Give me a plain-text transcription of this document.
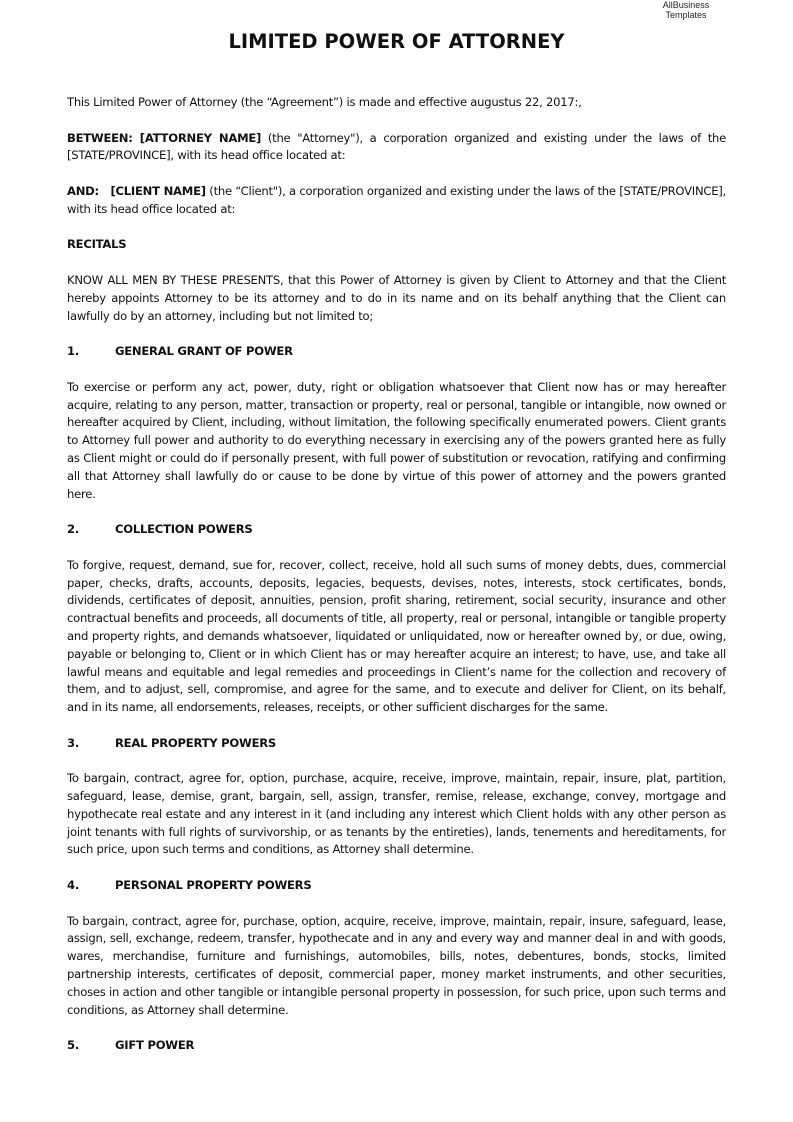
AllBusiness
Templates
LIMITED POWER OF ATTORNEY

This Limited Power of Attorney (the “Agreement”) is made and effective augustus 22, 2017:,

BETWEEN: [ATTORNEY NAME] (the "Attorney"), a corporation organized and existing under the laws of the [STATE/PROVINCE], with its head office located at:

AND:   [CLIENT NAME] (the “Client"), a corporation organized and existing under the laws of the [STATE/PROVINCE], with its head office located at:

RECITALS

KNOW ALL MEN BY THESE PRESENTS, that this Power of Attorney is given by Client to Attorney and that the Client hereby appoints Attorney to be its attorney and to do in its name and on its behalf anything that the Client can lawfully do by an attorney, including but not limited to;

1.	GENERAL GRANT OF POWER

To exercise or perform any act, power, duty, right or obligation whatsoever that Client now has or may hereafter acquire, relating to any person, matter, transaction or property, real or personal, tangible or intangible, now owned or hereafter acquired by Client, including, without limitation, the following specifically enumerated powers. Client grants to Attorney full power and authority to do everything necessary in exercising any of the powers granted here as fully as Client might or could do if personally present, with full power of substitution or revocation, ratifying and confirming all that Attorney shall lawfully do or cause to be done by virtue of this power of attorney and the powers granted here.

2.	COLLECTION POWERS

To forgive, request, demand, sue for, recover, collect, receive, hold all such sums of money debts, dues, commercial paper, checks, drafts, accounts, deposits, legacies, bequests, devises, notes, interests, stock certificates, bonds, dividends, certificates of deposit, annuities, pension, profit sharing, retirement, social security, insurance and other contractual benefits and proceeds, all documents of title, all property, real or personal, intangible or tangible property and property rights, and demands whatsoever, liquidated or unliquidated, now or hereafter owned by, or due, owing, payable or belonging to, Client or in which Client has or may hereafter acquire an interest; to have, use, and take all lawful means and equitable and legal remedies and proceedings in Client’s name for the collection and recovery of them, and to adjust, sell, compromise, and agree for the same, and to execute and deliver for Client, on its behalf, and in its name, all endorsements, releases, receipts, or other sufficient discharges for the same.

3.	REAL PROPERTY POWERS

To bargain, contract, agree for, option, purchase, acquire, receive, improve, maintain, repair, insure, plat, partition, safeguard, lease, demise, grant, bargain, sell, assign, transfer, remise, release, exchange, convey, mortgage and hypothecate real estate and any interest in it (and including any interest which Client holds with any other person as joint tenants with full rights of survivorship, or as tenants by the entireties), lands, tenements and hereditaments, for such price, upon such terms and conditions, as Attorney shall determine.

4.	PERSONAL PROPERTY POWERS

To bargain, contract, agree for, purchase, option, acquire, receive, improve, maintain, repair, insure, safeguard, lease, assign, sell, exchange, redeem, transfer, hypothecate and in any and every way and manner deal in and with goods, wares, merchandise, furniture and furnishings, automobiles, bills, notes, debentures, bonds, stocks, limited partnership interests, certificates of deposit, commercial paper, money market instruments, and other securities, choses in action and other tangible or intangible personal property in possession, for such price, upon such terms and conditions, as Attorney shall determine.

5.	GIFT POWER
